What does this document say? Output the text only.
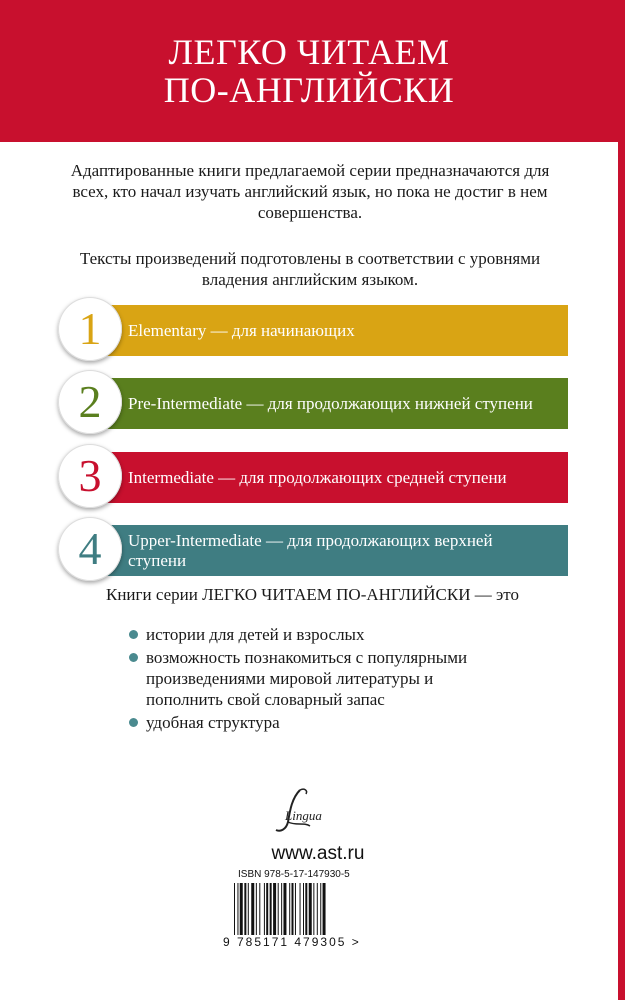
ЛЕГКО ЧИТАЕМ
ПО-АНГЛИЙСКИ

Адаптированные книги предлагаемой серии предназначаются для всех, кто начал изучать английский язык, но пока не достиг в нем совершенства.

Тексты произведений подготовлены в соответствии с уровнями владения английским языком.

1	Elementary — для начинающих
2	Pre-Intermediate — для продолжающих нижней ступени
3	Intermediate — для продолжающих средней ступени
4	Upper-Intermediate — для продолжающих верхней ступени
Книги серии ЛЕГКО ЧИТАЕМ ПО-АНГЛИЙСКИ — это
истории для детей и взрослых
возможность познакомиться с популярными произведениями мировой литературы и пополнить свой словарный запас
удобная структура
Lingua
www.ast.ru
ISBN 978-5-17-147930-5
9 785171 479305 >
